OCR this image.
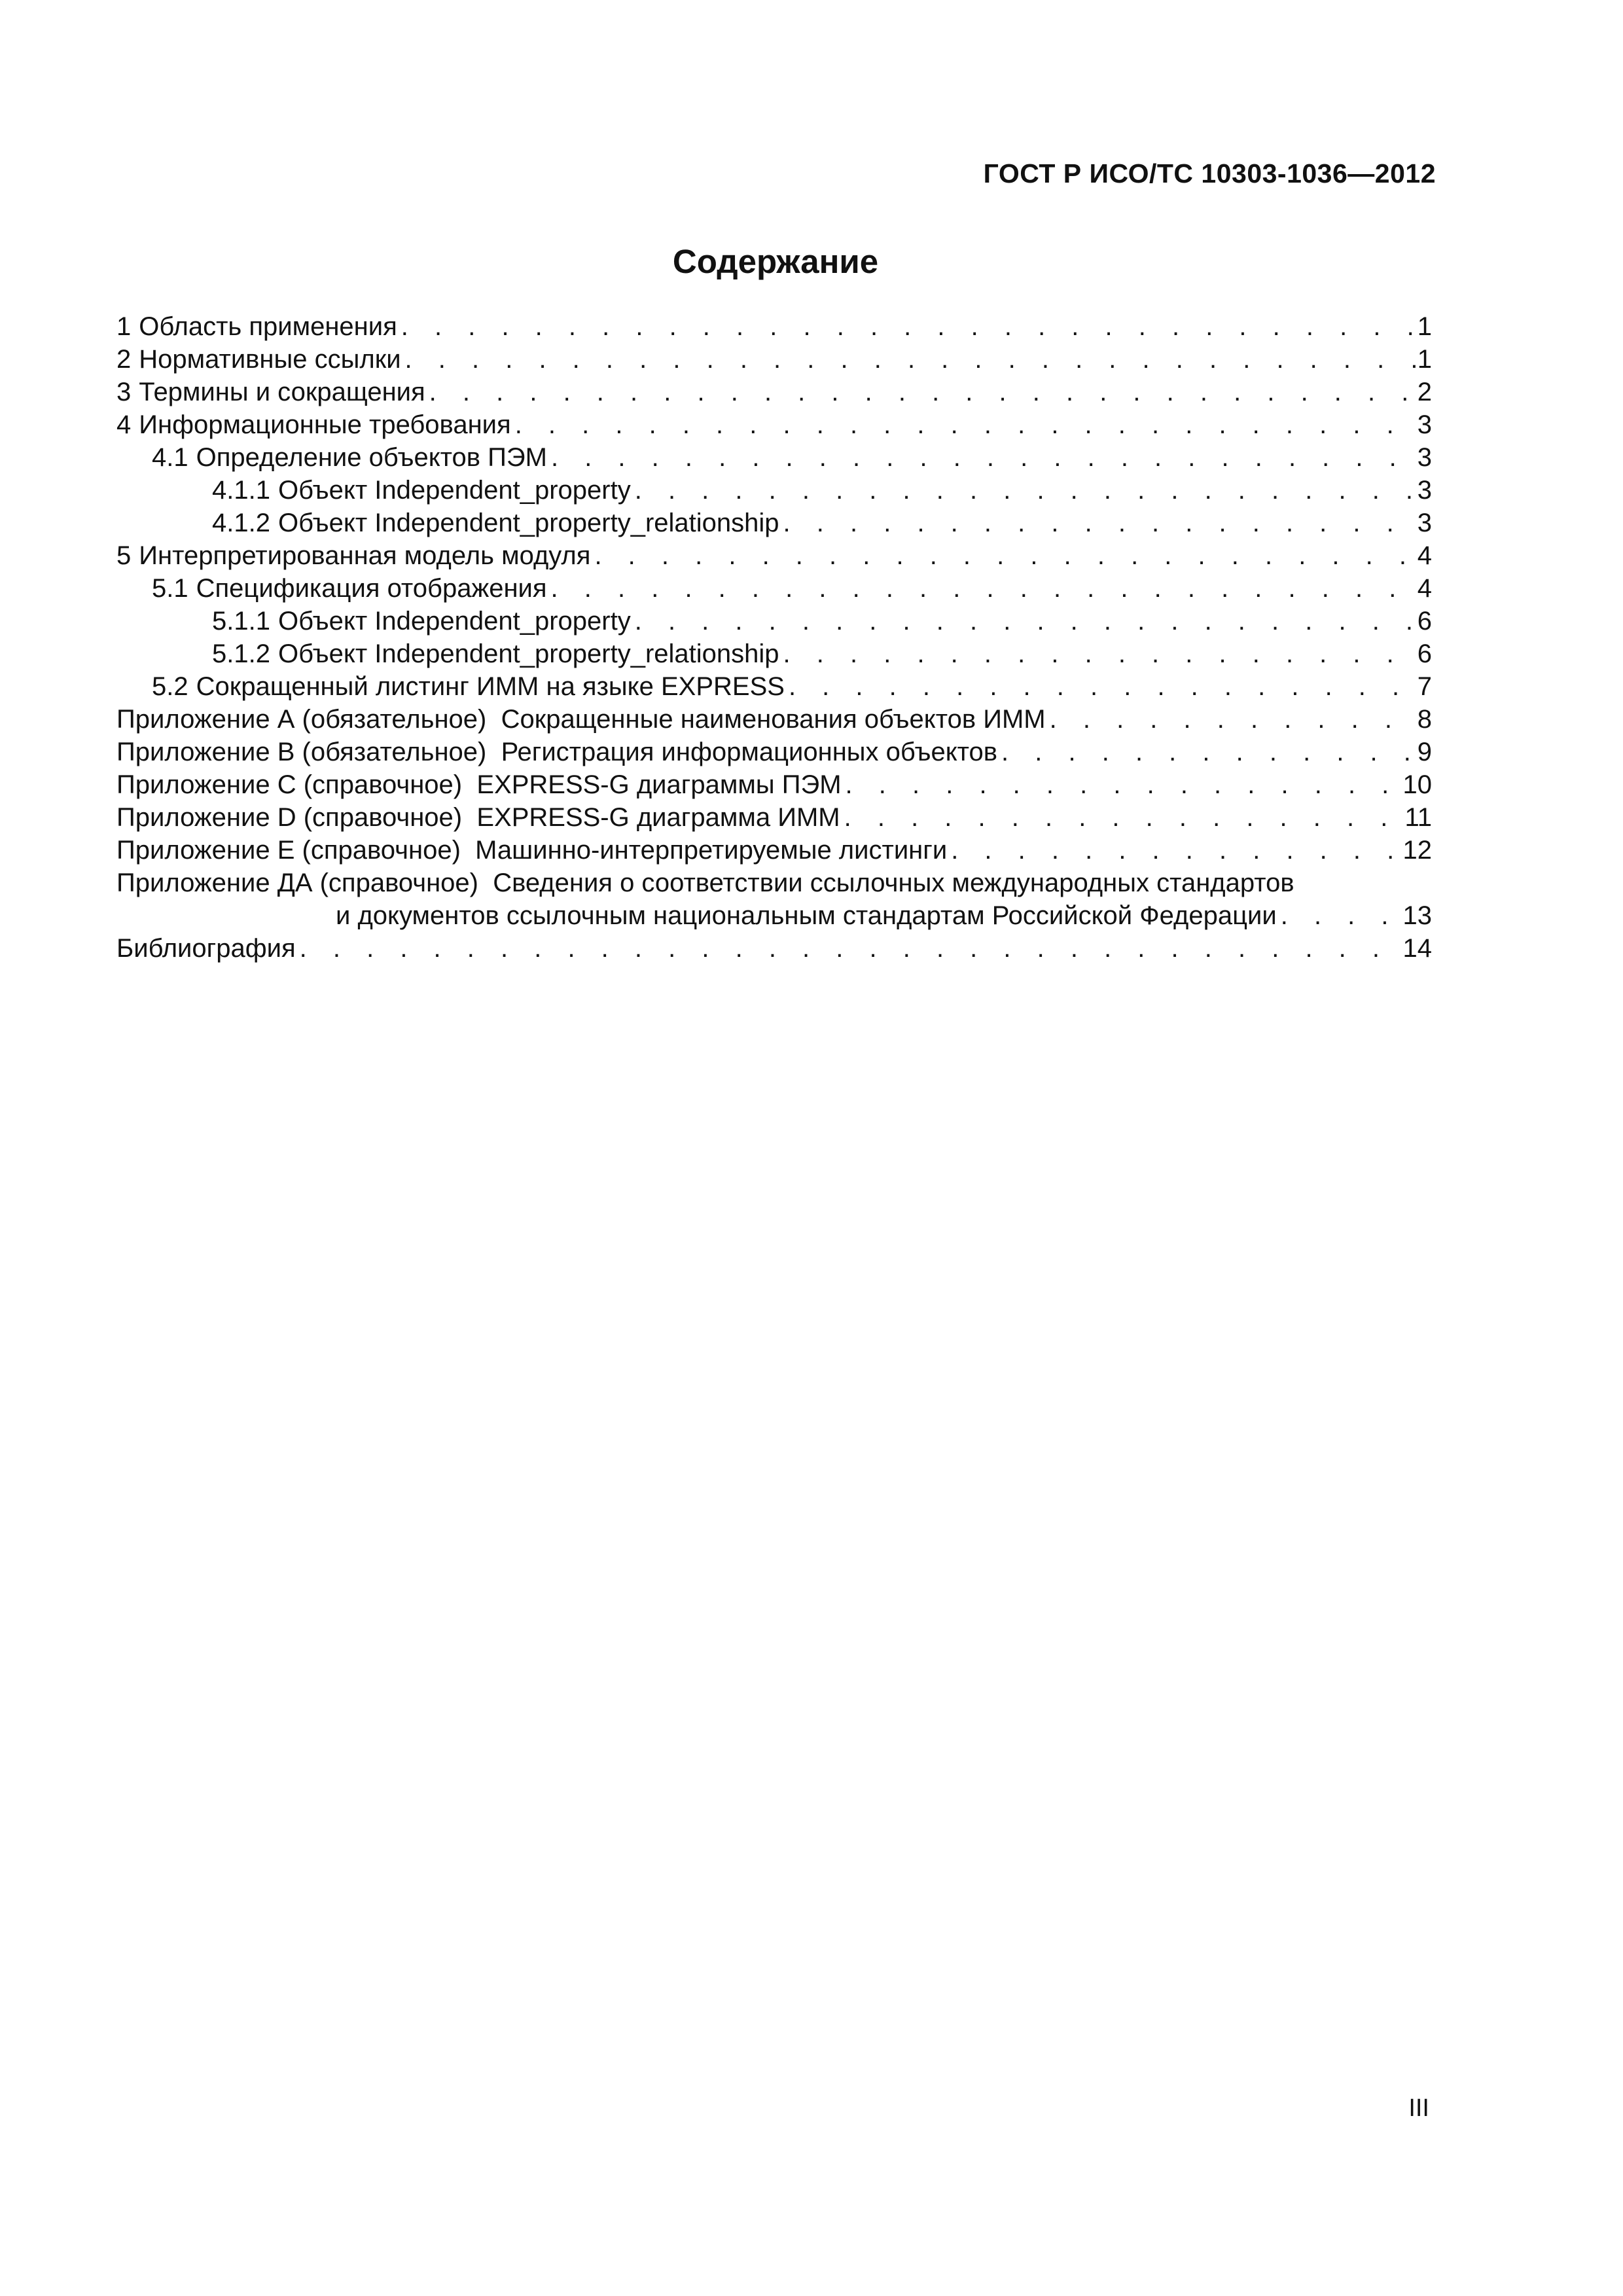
ГОСТ Р ИСО/ТС 10303-1036—2012
Содержание
1 Область применения . . .	1
2 Нормативные ссылки . . .	1
3 Термины и сокращения . . .	2
4 Информационные требования . . .	3
4.1 Определение объектов ПЭМ . . .	3
4.1.1 Объект Independent_property . . .	3
4.1.2 Объект Independent_property_relationship . . .	3
5 Интерпретированная модель модуля . . .	4
5.1 Спецификация отображения . . .	4
5.1.1 Объект Independent_property . . .	6
5.1.2 Объект Independent_property_relationship . . .	6
5.2 Сокращенный листинг ИММ на языке EXPRESS . . .	7
Приложение А (обязательное)  Сокращенные наименования объектов ИММ . . .	8
Приложение В (обязательное)  Регистрация информационных объектов . . .	9
Приложение С (справочное)  EXPRESS-G диаграммы ПЭМ . . .	10
Приложение D (справочное)  EXPRESS-G диаграмма ИММ . . .	11
Приложение Е (справочное)  Машинно-интерпретируемые листинги . . .	12
Приложение ДА (справочное)  Сведения о соответствии ссылочных международных стандартов
и документов ссылочным национальным стандартам Российской Федерации . . .	13
Библиография . . .	14
III
